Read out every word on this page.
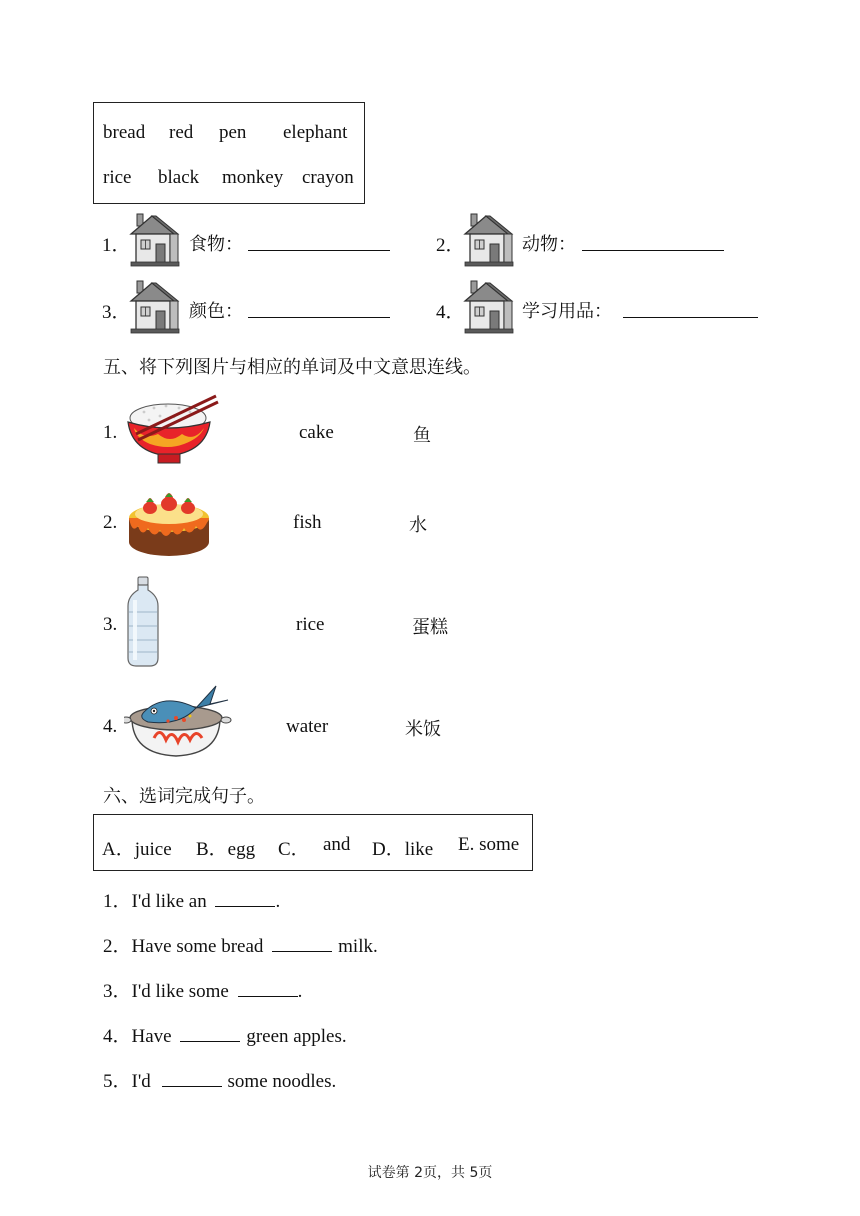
bread red pen elephant
rice black monkey crayon
1．	食物：	2．	动物：
3．	颜色：	4．	学习用品：
五、将下列图片与相应的单词及中文意思连线。
1.	cake	鱼
2.	fish	水
3.	rice	蛋糕
4.	water	米饭
六、选词完成句子。
A．juice B．egg C． and D．like E. some
1．I'd like an	.
2．Have some bread	milk.
3．I'd like some	.
4．Have	green apples.
5．I'd	some noodles.
试卷第 2页，共 5页
